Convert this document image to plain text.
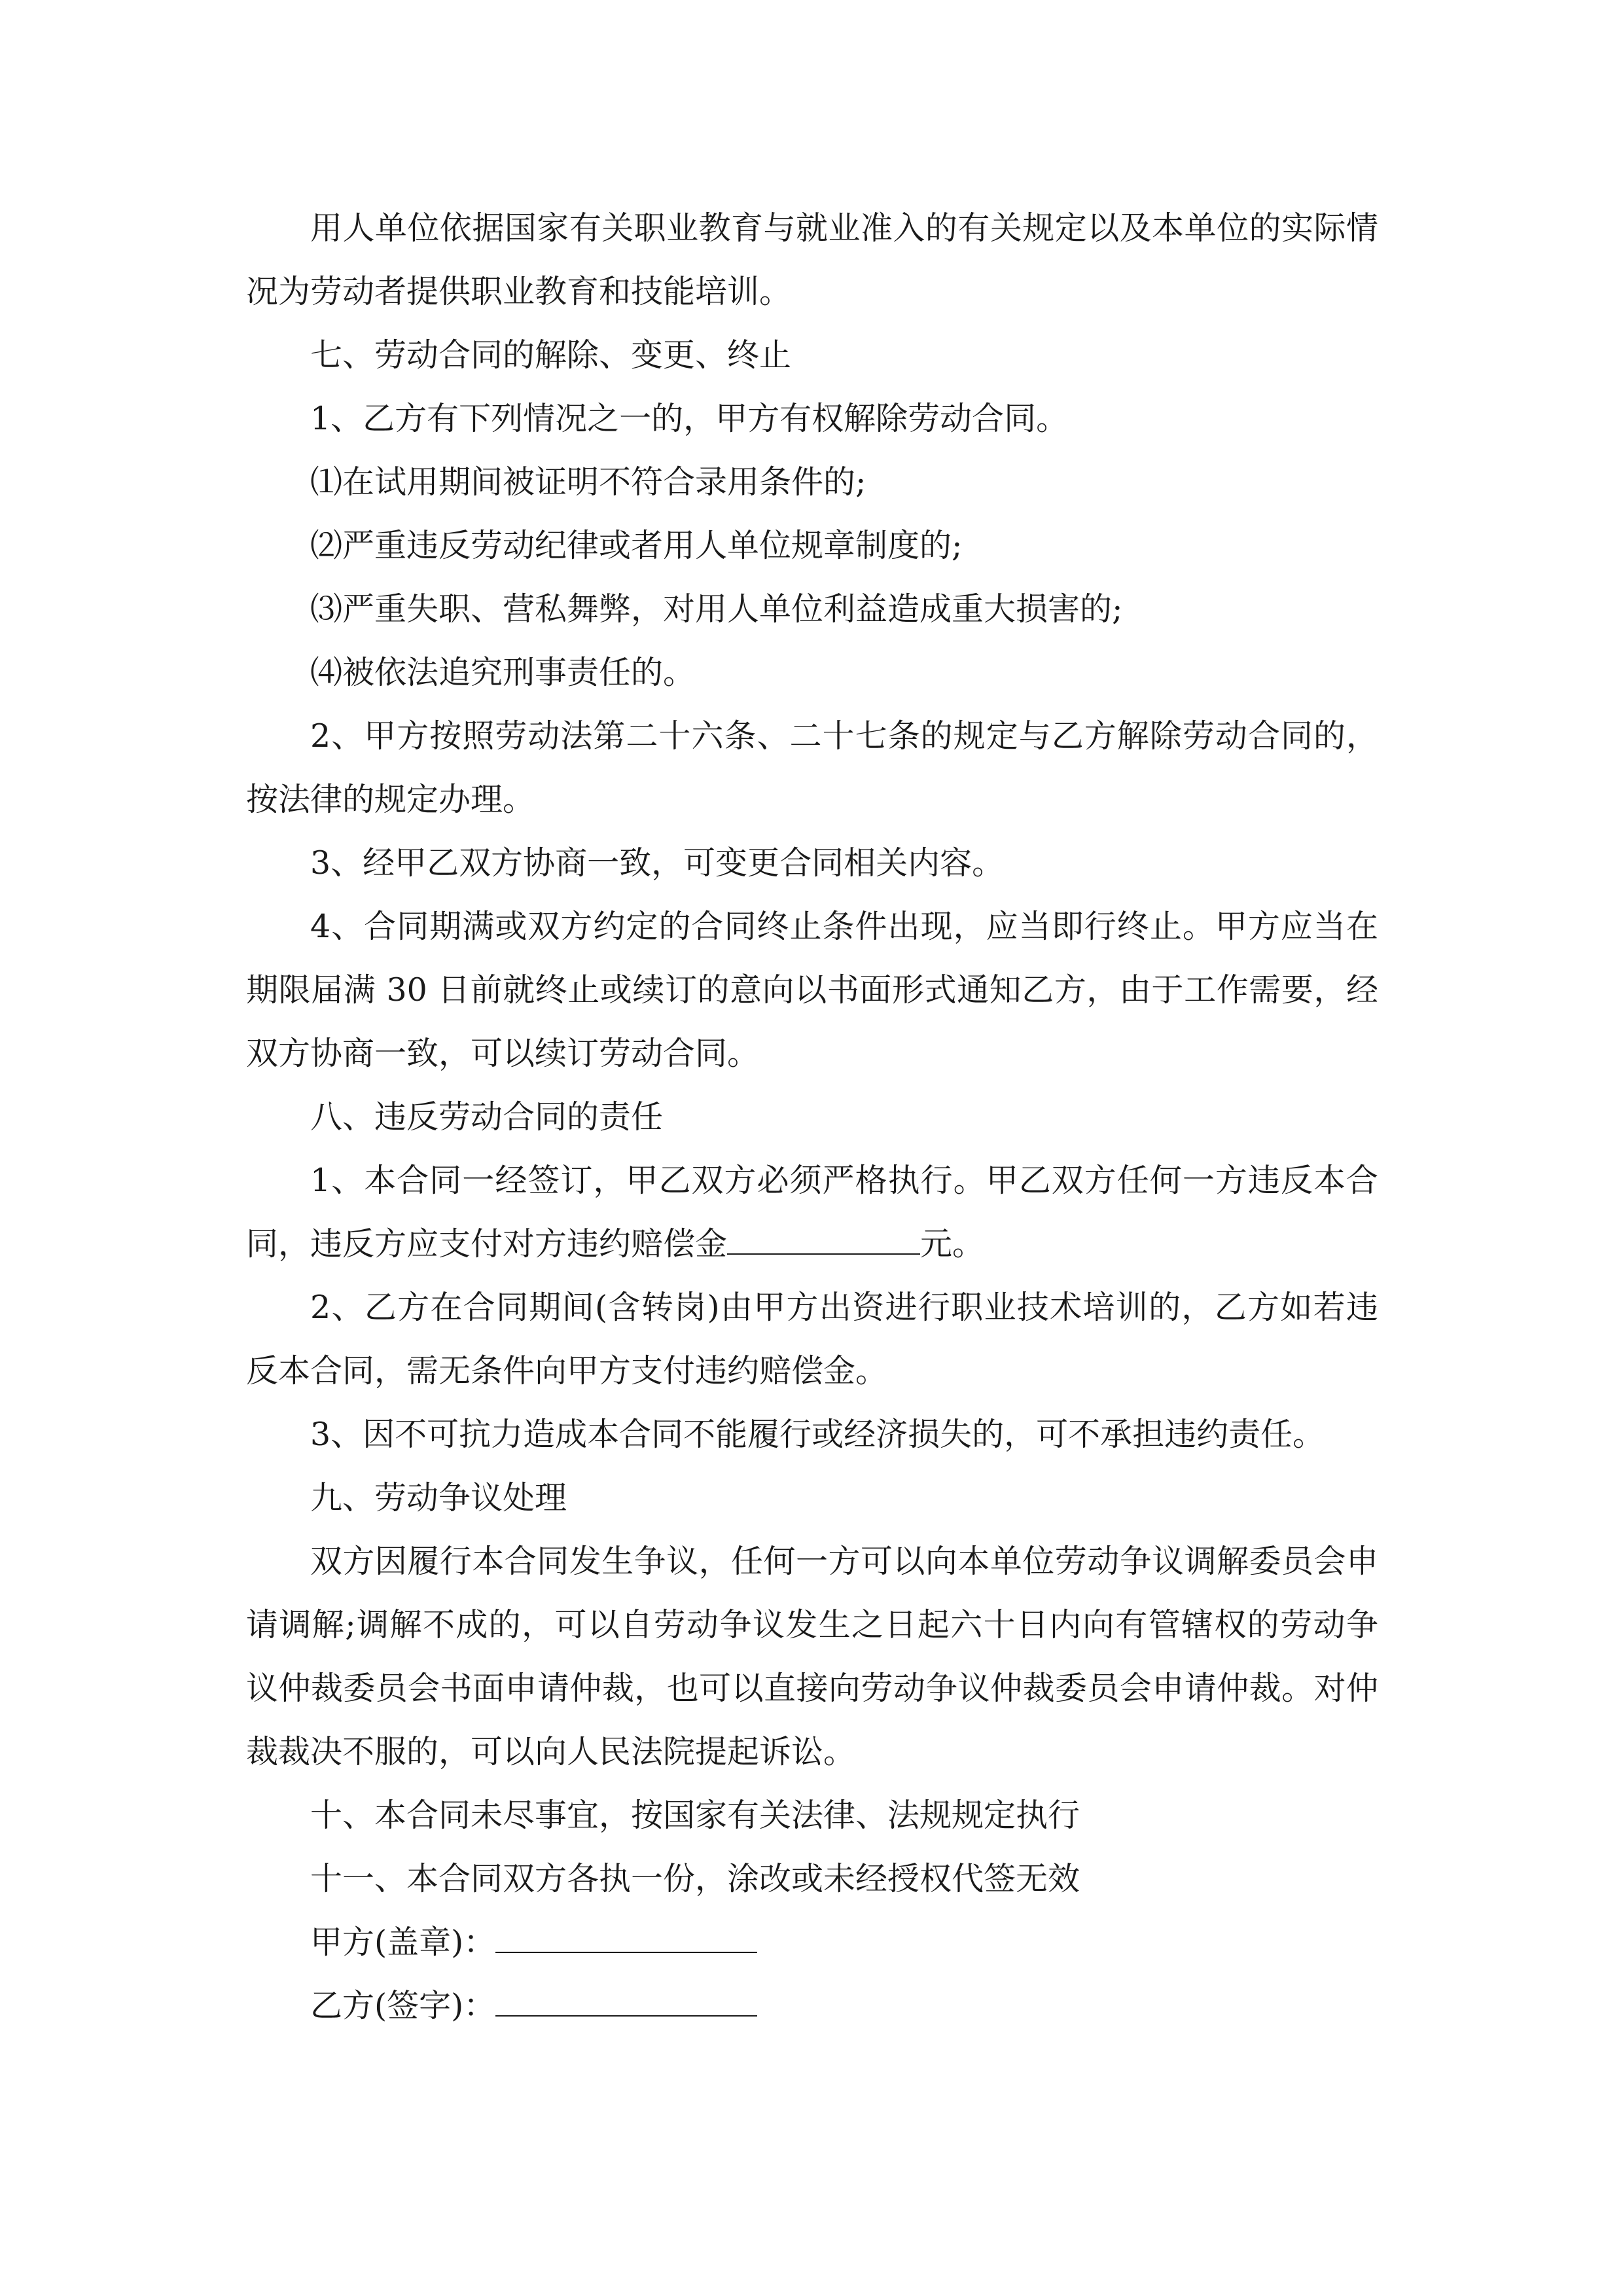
用人单位依据国家有关职业教育与就业准入的有关规定以及本单位的实际情况为劳动者提供职业教育和技能培训。

七、劳动合同的解除、变更、终止

1、乙方有下列情况之一的，甲方有权解除劳动合同。

⑴在试用期间被证明不符合录用条件的;

⑵严重违反劳动纪律或者用人单位规章制度的;

⑶严重失职、营私舞弊，对用人单位利益造成重大损害的;

⑷被依法追究刑事责任的。

2、甲方按照劳动法第二十六条、二十七条的规定与乙方解除劳动合同的，按法律的规定办理。

3、经甲乙双方协商一致，可变更合同相关内容。

4、合同期满或双方约定的合同终止条件出现，应当即行终止。甲方应当在期限届满 30 日前就终止或续订的意向以书面形式通知乙方，由于工作需要，经双方协商一致，可以续订劳动合同。

八、违反劳动合同的责任

1、本合同一经签订，甲乙双方必须严格执行。甲乙双方任何一方违反本合同，违反方应支付对方违约赔偿金	元。

2、乙方在合同期间(含转岗)由甲方出资进行职业技术培训的，乙方如若违反本合同，需无条件向甲方支付违约赔偿金。

3、因不可抗力造成本合同不能履行或经济损失的，可不承担违约责任。

九、劳动争议处理

双方因履行本合同发生争议，任何一方可以向本单位劳动争议调解委员会申请调解;调解不成的，可以自劳动争议发生之日起六十日内向有管辖权的劳动争议仲裁委员会书面申请仲裁，也可以直接向劳动争议仲裁委员会申请仲裁。对仲裁裁决不服的，可以向人民法院提起诉讼。

十、本合同未尽事宜，按国家有关法律、法规规定执行

十一、本合同双方各执一份，涂改或未经授权代签无效

甲方(盖章)：

乙方(签字)：
